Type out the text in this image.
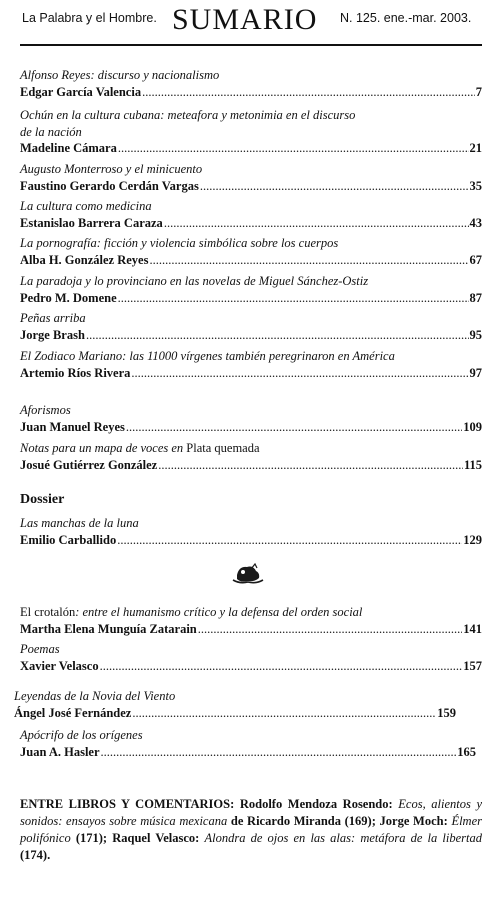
La Palabra y el Hombre. SUMARIO N. 125. ene.-mar. 2003.
Alfonso Reyes: discurso y nacionalismo
Edgar García Valencia .....	7
Ochún en la cultura cubana: meteafora y metonimia en el discurso de la nación
Madeline Cámara .....	21
Augusto Monterroso y el minicuento
Faustino Gerardo Cerdán Vargas .....	35
La cultura como medicina
Estanislao Barrera Caraza .....	43
La pornografía: ficción y violencia simbólica sobre los cuerpos
Alba H. González Reyes .....	67
La paradoja y lo provinciano en las novelas de Miguel Sánchez-Ostiz
Pedro M. Domene .....	87
Peñas arriba
Jorge Brash .....	95
El Zodiaco Mariano: las 11000 vírgenes también peregrinaron en América
Artemio Ríos Rivera .....	97
Aforismos
Juan Manuel Reyes .....	109
Notas para un mapa de voces en Plata quemada
Josué Gutiérrez González .....	115
Dossier
Las manchas de la luna
Emilio Carballido .....	129
El crotalón: entre el humanismo crítico y la defensa del orden social
Martha Elena Munguía Zatarain .....	141
Poemas
Xavier Velasco .....	157
Leyendas de la Novia del Viento
Ángel José Fernández .....	159
Apócrifo de los orígenes
Juan A. Hasler .....	165
ENTRE LIBROS Y COMENTARIOS: Rodolfo Mendoza Rosendo: Ecos, alientos y sonidos: ensayos sobre música mexicana de Ricardo Miranda (169); Jorge Moch: Élmer polifónico (171); Raquel Velasco: Alondra de ojos en las alas: metáfora de la libertad (174).
